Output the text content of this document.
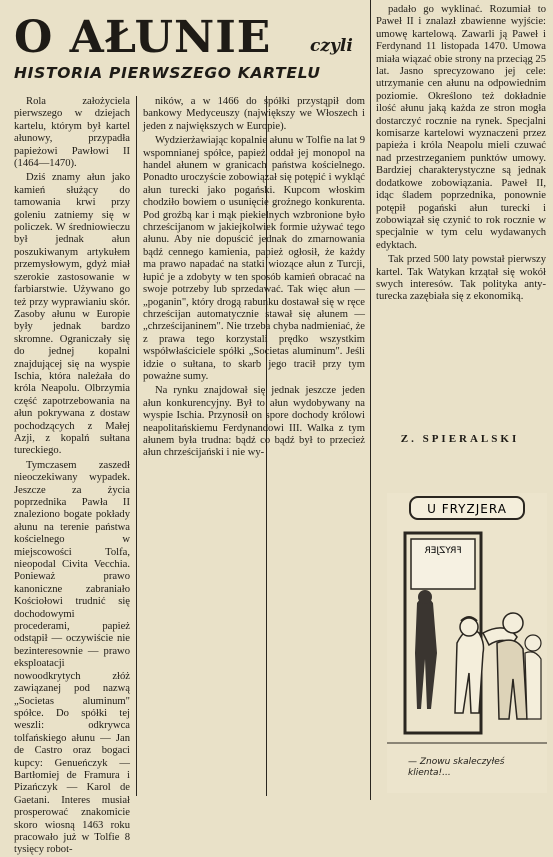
O AŁUNIE czyli
HISTORIA PIERWSZEGO KARTELU

Rola założyciela pierwszego w dziejach kartelu, którym był kartel ałunowy, przypadła papieżowi Pawłowi II (1464—1470).

Dziś znamy ałun jako kamień służący do tamowania krwi przy goleniu zatniemy się w policzek. W średniowieczu był jednak ałun poszukiwanym artykułem przemysłowym, gdyż miał szerokie zastosowanie w farbiarstwie. Używano go też przy wyprawianiu skór. Zasoby ałunu w Europie były jednak bardzo skromne. Ograniczały się do jednej kopalni znajdującej się na wyspie Ischia, która należała do króla Neapolu. Olbrzymia część zapotrzebowania na ałun pokrywana z dostaw pochodzących z Małej Azji, z kopalń sułtana tureckiego.

Tymczasem zaszedł nieoczekiwany wypadek. Jeszcze za życia poprzednika Pawła II znaleziono bogate pokłady ałunu na terenie państwa kościelnego w miejscowości Tolfa, nieopodal Civita Vecchia. Ponieważ prawo kanoniczne zabraniało Kościołowi trudnić się dochodowymi procederami, papież odstąpił — oczywiście nie bezinteresownie — prawo eksploatacji nowoodkrytych złóż zawiązanej pod nazwą „Societas aluminum" spółce. Do spółki tej weszli: odkrywca tolfańskiego ałunu — Jan de Castro oraz bogaci kupcy: Genueńczyk — Bartłomiej de Framura i Pizańczyk — Karol de Gaetani. Interes musiał prosperować znakomicie skoro wiosną 1463 roku pracowało już w Tolfie 8 tysięcy robot-

ników, a w 1466 do spółki przystąpił dom bankowy Medyceuszy (największy we Włoszech i jeden z największych w Europie).

Wydzierżawiając kopalnie ałunu w Tolfie na lat 9 wspomnianej spółce, papież oddał jej monopol na handel ałunem w granicach państwa kościelnego. Ponadto uroczyście zobowiązał się potępić i wykląć ałun turecki jako pogański. Kupcom włoskim chodziło bowiem o usunięcie groźnego konkurenta. Pod groźbą kar i mąk piekielnych wzbronione było chrześcijanom w jakiejkolwiek formie używać tego ałunu. Aby nie dopuścić jednak do zmarnowania bądź cennego kamienia, papież ogłosił, że każdy ma prawo napadać na statki wiozące ałun z Turcji, łupić je a zdobyty w ten sposób kamień obracać na swoje potrzeby lub sprzedawać. Tak więc ałun — „poganin", który drogą rabunku dostawał się w ręce chrześcijan automatycznie stawał się ałunem — „chrześcijaninem". Nie trzeba chyba nadmieniać, że z prawa tego korzystali prędko wszystkim współwłaściciele spółki „Societas aluminum". Jeśli idzie o sułtana, to skarb jego tracił przy tym poważne sumy.

Na rynku znajdował się jednak jeszcze jeden ałun konkurencyjny. Był to ałun wydobywany na wyspie Ischia. Przynosił on spore dochody królowi neapolitańskiemu Ferdynandowi III. Walka z tym ałunem była trudna: bądź co bądź był to przecież ałun chrześcijański i nie wy-

padało go wyklinać. Rozumiał to Paweł II i znalazł zbawienne wyjście: umowę kartelową. Zawarli ją Paweł i Ferdynand 11 listopada 1470. Umowa miała wiązać obie strony na przeciąg 25 lat. Jasno sprecyzowano jej cele: utrzymanie cen ałunu na odpowiednim poziomie. Określono też dokładnie ilość ałunu jaką każda ze stron mogła dostarczyć rocznie na rynek. Specjalni komisarze kartelowi wyznaczeni przez papieża i króla Neapolu mieli czuwać nad przestrzeganiem punktów umowy. Bardziej charakterystyczne są jednak dodatkowe zobowiązania. Paweł II, idąc śladem poprzednika, ponownie potępił pogański ałun turecki i zobowiązał się czynić to rok rocznie w specjalnie w tym celu wydawanych edyktach.

Tak przed 500 laty powstał pierwszy kartel. Tak Watykan krzątał się wokół swych interesów. Tak polityka anty-turecka zazębiała się z ekonomiką.

Z. SPIERALSKI
U FRYZJERA
FRYZJER
— Znowu skaleczyłeś klienta!...
